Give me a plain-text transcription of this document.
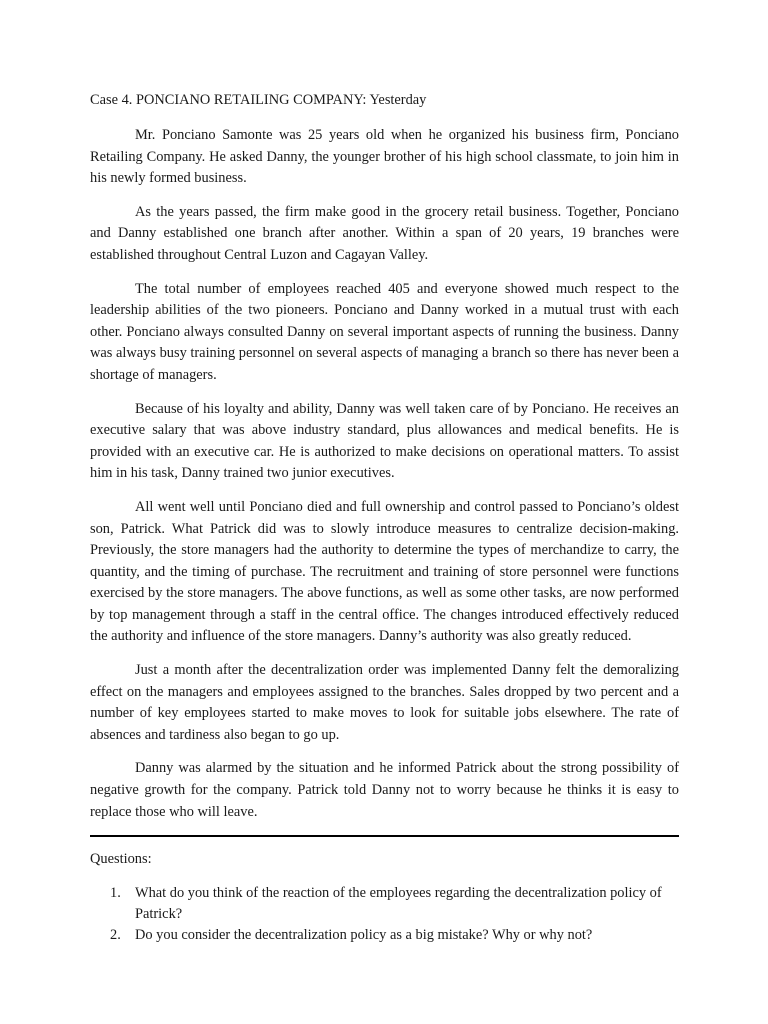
Case 4. PONCIANO RETAILING COMPANY: Yesterday

Mr. Ponciano Samonte was 25 years old when he organized his business firm, Ponciano Retailing Company. He asked Danny, the younger brother of his high school classmate, to join him in his newly formed business.

As the years passed, the firm make good in the grocery retail business. Together, Ponciano and Danny established one branch after another. Within a span of 20 years, 19 branches were established throughout Central Luzon and Cagayan Valley.

The total number of employees reached 405 and everyone showed much respect to the leadership abilities of the two pioneers. Ponciano and Danny worked in a mutual trust with each other. Ponciano always consulted Danny on several important aspects of running the business. Danny was always busy training personnel on several aspects of managing a branch so there has never been a shortage of managers.

Because of his loyalty and ability, Danny was well taken care of by Ponciano. He receives an executive salary that was above industry standard, plus allowances and medical benefits. He is provided with an executive car. He is authorized to make decisions on operational matters. To assist him in his task, Danny trained two junior executives.

All went well until Ponciano died and full ownership and control passed to Ponciano’s oldest son, Patrick. What Patrick did was to slowly introduce measures to centralize decision-making. Previously, the store managers had the authority to determine the types of merchandize to carry, the quantity, and the timing of purchase. The recruitment and training of store personnel were functions exercised by the store managers. The above functions, as well as some other tasks, are now performed by top management through a staff in the central office. The changes introduced effectively reduced the authority and influence of the store managers. Danny’s authority was also greatly reduced.

Just a month after the decentralization order was implemented Danny felt the demoralizing effect on the managers and employees assigned to the branches. Sales dropped by two percent and a number of key employees started to make moves to look for suitable jobs elsewhere. The rate of absences and tardiness also began to go up.

Danny was alarmed by the situation and he informed Patrick about the strong possibility of negative growth for the company. Patrick told Danny not to worry because he thinks it is easy to replace those who will leave.

Questions:

1. What do you think of the reaction of the employees regarding the decentralization policy of Patrick?
2. Do you consider the decentralization policy as a big mistake? Why or why not?
